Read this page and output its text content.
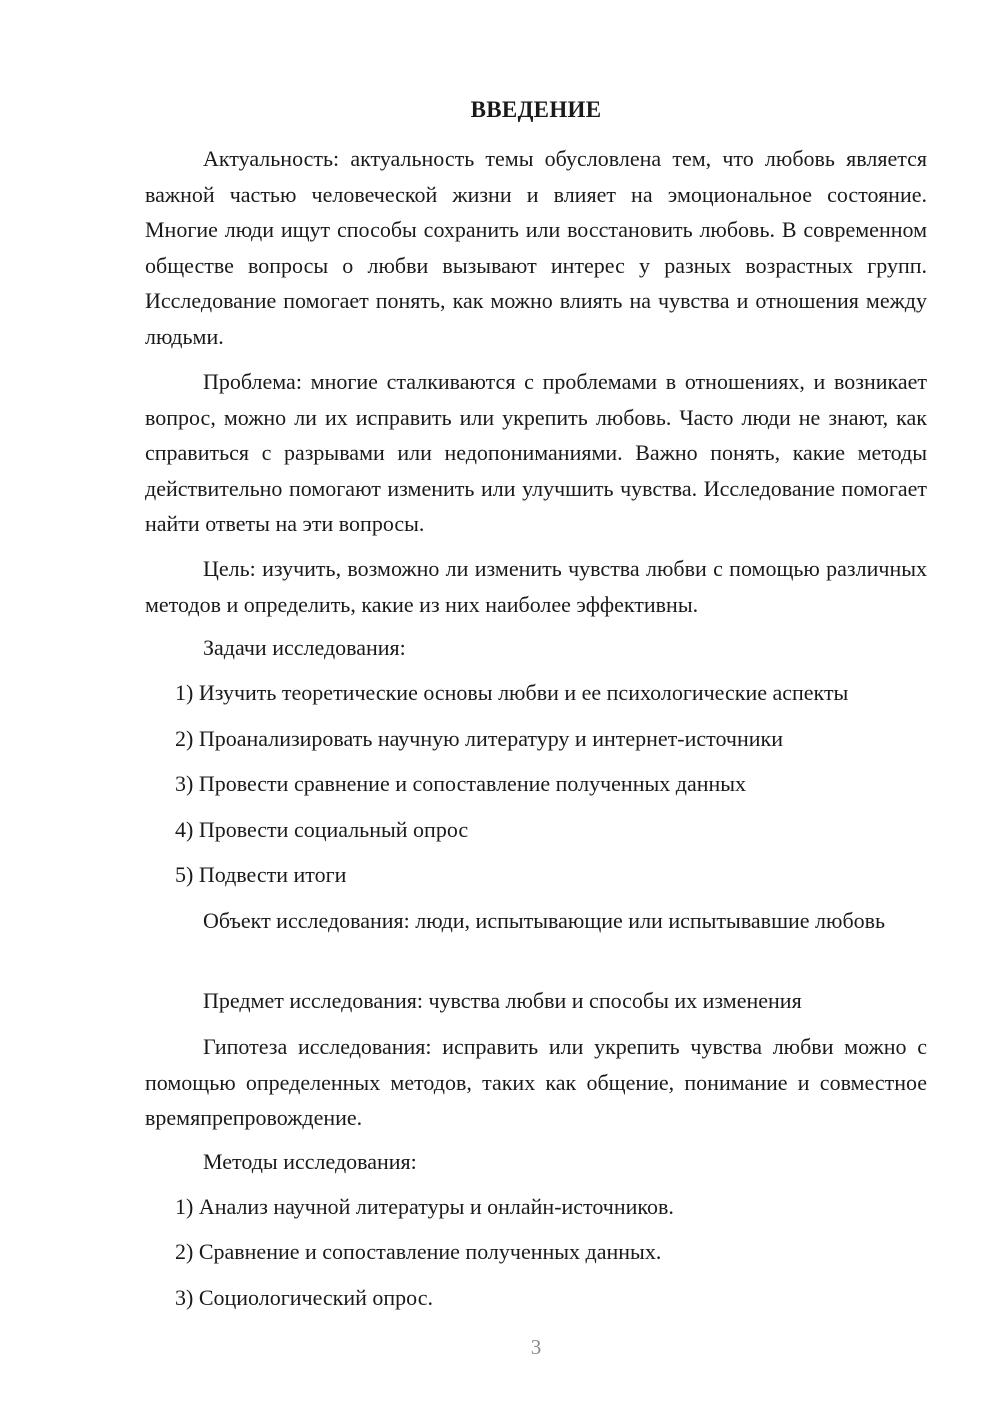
ВВЕДЕНИЕ

Актуальность: актуальность темы обусловлена тем, что любовь является важной частью человеческой жизни и влияет на эмоциональное состояние. Многие люди ищут способы сохранить или восстановить любовь. В современном обществе вопросы о любви вызывают интерес у разных возрастных групп. Исследование помогает понять, как можно влиять на чувства и отношения между людьми.

Проблема: многие сталкиваются с проблемами в отношениях, и возникает вопрос, можно ли их исправить или укрепить любовь. Часто люди не знают, как справиться с разрывами или недопониманиями. Важно понять, какие методы действительно помогают изменить или улучшить чувства. Исследование помогает найти ответы на эти вопросы.

Цель: изучить, возможно ли изменить чувства любви с помощью различных методов и определить, какие из них наиболее эффективны.

Задачи исследования:

1) Изучить теоретические основы любви и ее психологические аспекты

2) Проанализировать научную литературу и интернет-источники

3) Провести сравнение и сопоставление полученных данных

4) Провести социальный опрос

5) Подвести итоги

Объект исследования: люди, испытывающие или испытывавшие любовь

Предмет исследования: чувства любви и способы их изменения

Гипотеза исследования: исправить или укрепить чувства любви можно с помощью определенных методов, таких как общение, понимание и совместное времяпрепровождение.

Методы исследования:

1) Анализ научной литературы и онлайн-источников.

2) Сравнение и сопоставление полученных данных.

3) Социологический опрос.

3
